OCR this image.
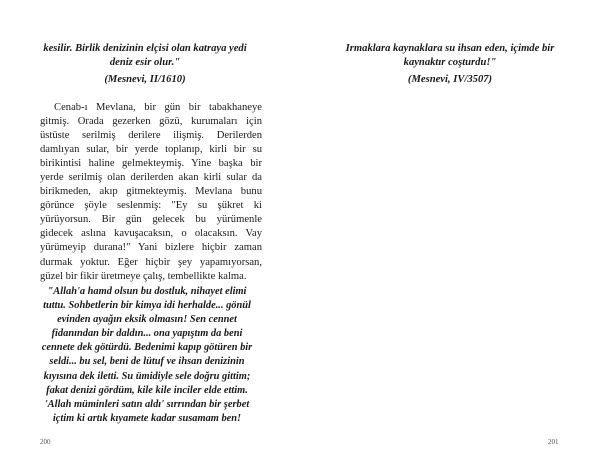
kesilir. Birlik denizinin elçisi olan katraya yedi
deniz esir olur."
(Mesnevi, II/1610)
Cenab-ı Mevlana, bir gün bir tabakhaneye
gitmiş. Orada gezerken gözü, kurumaları için
üstüste serilmiş derilere ilişmiş. Derilerden
damlıyan sular, bir yerde toplanıp, kirli bir su
birikintisi haline gelmekteymiş. Yine başka bir
yerde serilmiş olan derilerden akan kirli sular da
birikmeden, akıp gitmekteymiş. Mevlana bunu
görünce şöyle seslenmiş: "Ey su şükret ki
yürüyorsun. Bir gün gelecek bu yürümenle
gidecek aslına kavuşacaksın, o olacaksın. Vay
yürümeyip durana!" Yani bizlere hiçbir zaman
durmak yoktur. Eğer hiçbir şey yapamıyorsan,
güzel bir fikir üretmeye çalış, tembellikte kalma.
"Allah'a hamd olsun bu dostluk, nihayet elimi
tuttu. Sohbetlerin bir kimya idi herhalde... gönül
evinden ayağın eksik olmasın! Sen cennet
fidanından bir daldın... ona yapıştım da beni
cennete dek götürdü. Bedenimi kapıp götüren bir
seldi... bu sel, beni de lütuf ve ihsan denizinin
kıyısına dek iletti. Su ümidiyle sele doğru gittim;
fakat denizi gördüm, kile kile inciler elde ettim.
'Allah müminleri satın aldı' sırrından bir şerbet
içtim ki artık kıyamete kadar susamam ben!
200
Irmaklara kaynaklara su ihsan eden, içimde bir
kaynaktır coşturdu!"
(Mesnevi, IV/3507)
201
